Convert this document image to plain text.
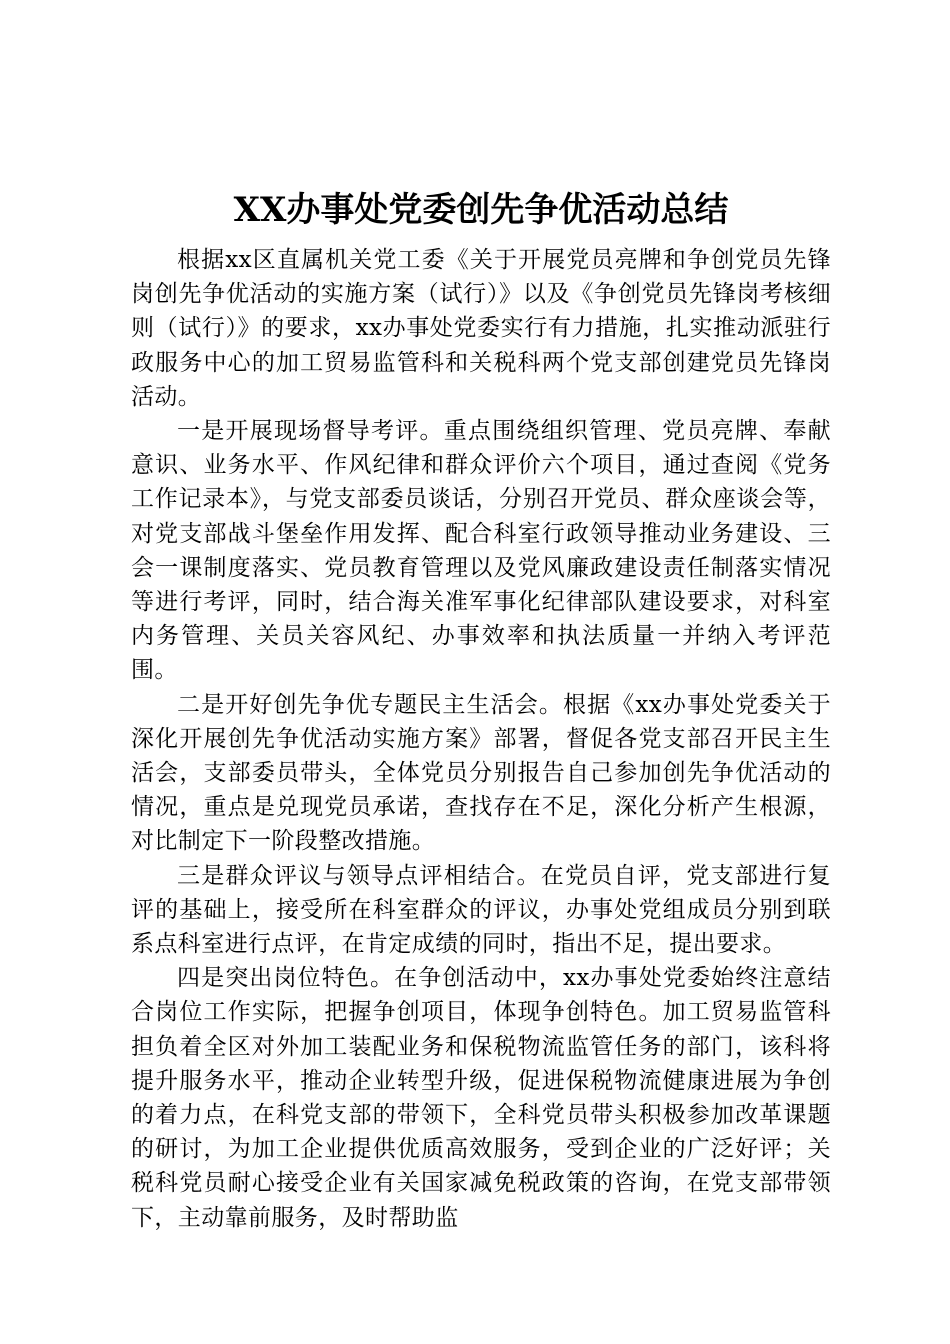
XX办事处党委创先争优活动总结

根据xx区直属机关党工委《关于开展党员亮牌和争创党员先锋岗创先争优活动的实施方案（试行）》以及《争创党员先锋岗考核细则（试行）》的要求，xx办事处党委实行有力措施，扎实推动派驻行政服务中心的加工贸易监管科和关税科两个党支部创建党员先锋岗活动。

一是开展现场督导考评。重点围绕组织管理、党员亮牌、奉献意识、业务水平、作风纪律和群众评价六个项目，通过查阅《党务工作记录本》，与党支部委员谈话，分别召开党员、群众座谈会等，对党支部战斗堡垒作用发挥、配合科室行政领导推动业务建设、三会一课制度落实、党员教育管理以及党风廉政建设责任制落实情况等进行考评，同时，结合海关准军事化纪律部队建设要求，对科室内务管理、关员关容风纪、办事效率和执法质量一并纳入考评范围。

二是开好创先争优专题民主生活会。根据《xx办事处党委关于深化开展创先争优活动实施方案》部署，督促各党支部召开民主生活会，支部委员带头，全体党员分别报告自己参加创先争优活动的情况，重点是兑现党员承诺，查找存在不足，深化分析产生根源，对比制定下一阶段整改措施。

三是群众评议与领导点评相结合。在党员自评，党支部进行复评的基础上，接受所在科室群众的评议，办事处党组成员分别到联系点科室进行点评，在肯定成绩的同时，指出不足，提出要求。

四是突出岗位特色。在争创活动中，xx办事处党委始终注意结合岗位工作实际，把握争创项目，体现争创特色。加工贸易监管科担负着全区对外加工装配业务和保税物流监管任务的部门，该科将提升服务水平，推动企业转型升级，促进保税物流健康进展为争创的着力点，在科党支部的带领下，全科党员带头积极参加改革课题的研讨，为加工企业提供优质高效服务，受到企业的广泛好评；关税科党员耐心接受企业有关国家减免税政策的咨询，在党支部带领下，主动靠前服务，及时帮助监
